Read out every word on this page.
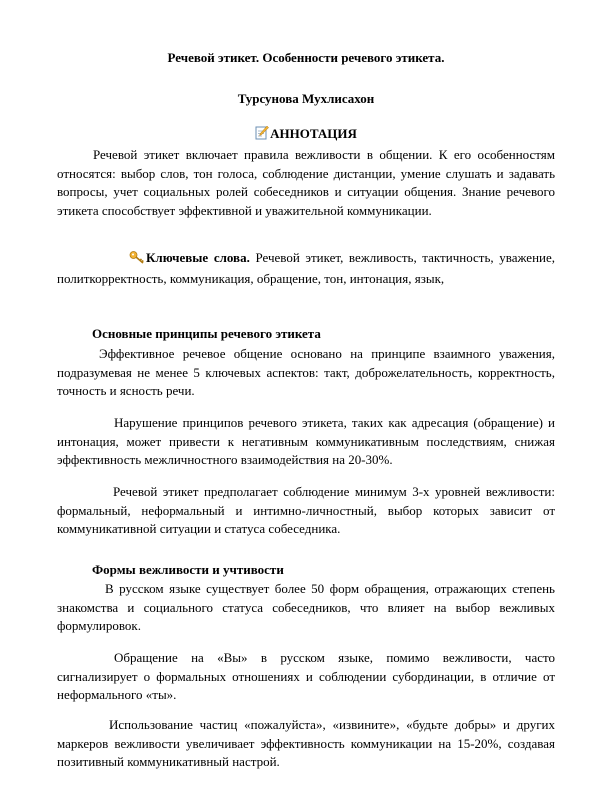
Речевой этикет. Особенности речевого этикета.
Турсунова Мухлисахон
АННОТАЦИЯ
Речевой этикет включает правила вежливости в общении. К его особенностям относятся: выбор слов, тон голоса, соблюдение дистанции, умение слушать и задавать вопросы, учет социальных ролей собеседников и ситуации общения. Знание речевого этикета способствует эффективной и уважительной коммуникации.
Ключевые слова. Речевой этикет, вежливость, тактичность, уважение, политкорректность, коммуникация, обращение, тон, интонация, язык,
Основные принципы речевого этикета
Эффективное речевое общение основано на принципе взаимного уважения, подразумевая не менее 5 ключевых аспектов: такт, доброжелательность, корректность, точность и ясность речи.
Нарушение принципов речевого этикета, таких как адресация (обращение) и интонация, может привести к негативным коммуникативным последствиям, снижая эффективность межличностного взаимодействия на 20-30%.
Речевой этикет предполагает соблюдение минимум 3-х уровней вежливости: формальный, неформальный и интимно-личностный, выбор которых зависит от коммуникативной ситуации и статуса собеседника.
Формы вежливости и учтивости
В русском языке существует более 50 форм обращения, отражающих степень знакомства и социального статуса собеседников, что влияет на выбор вежливых формулировок.
Обращение на «Вы» в русском языке, помимо вежливости, часто сигнализирует о формальных отношениях и соблюдении субординации, в отличие от неформального «ты».
Использование частиц «пожалуйста», «извините», «будьте добры» и других маркеров вежливости увеличивает эффективность коммуникации на 15-20%, создавая позитивный коммуникативный настрой.
